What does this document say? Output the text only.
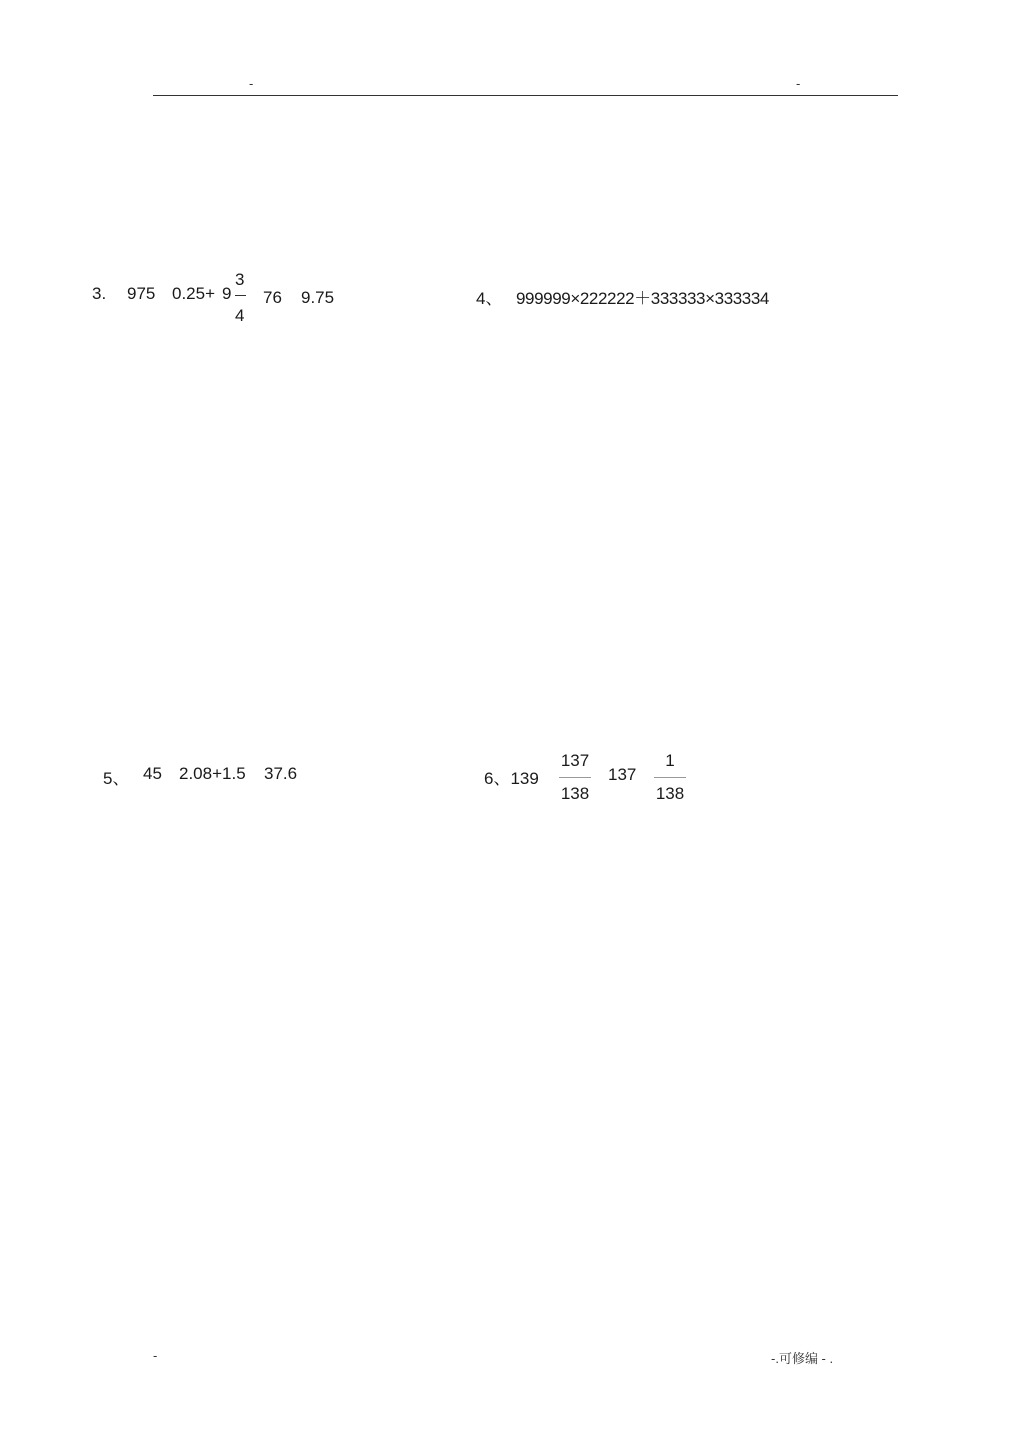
-	-
3. 975 0.25+ 9
3
4
76 9.75	4、 999999×222222＋333333×333334
5、 45 2.08+1.5 37.6	6、139
137
138
137
1
138
-	-.可修编 - .
